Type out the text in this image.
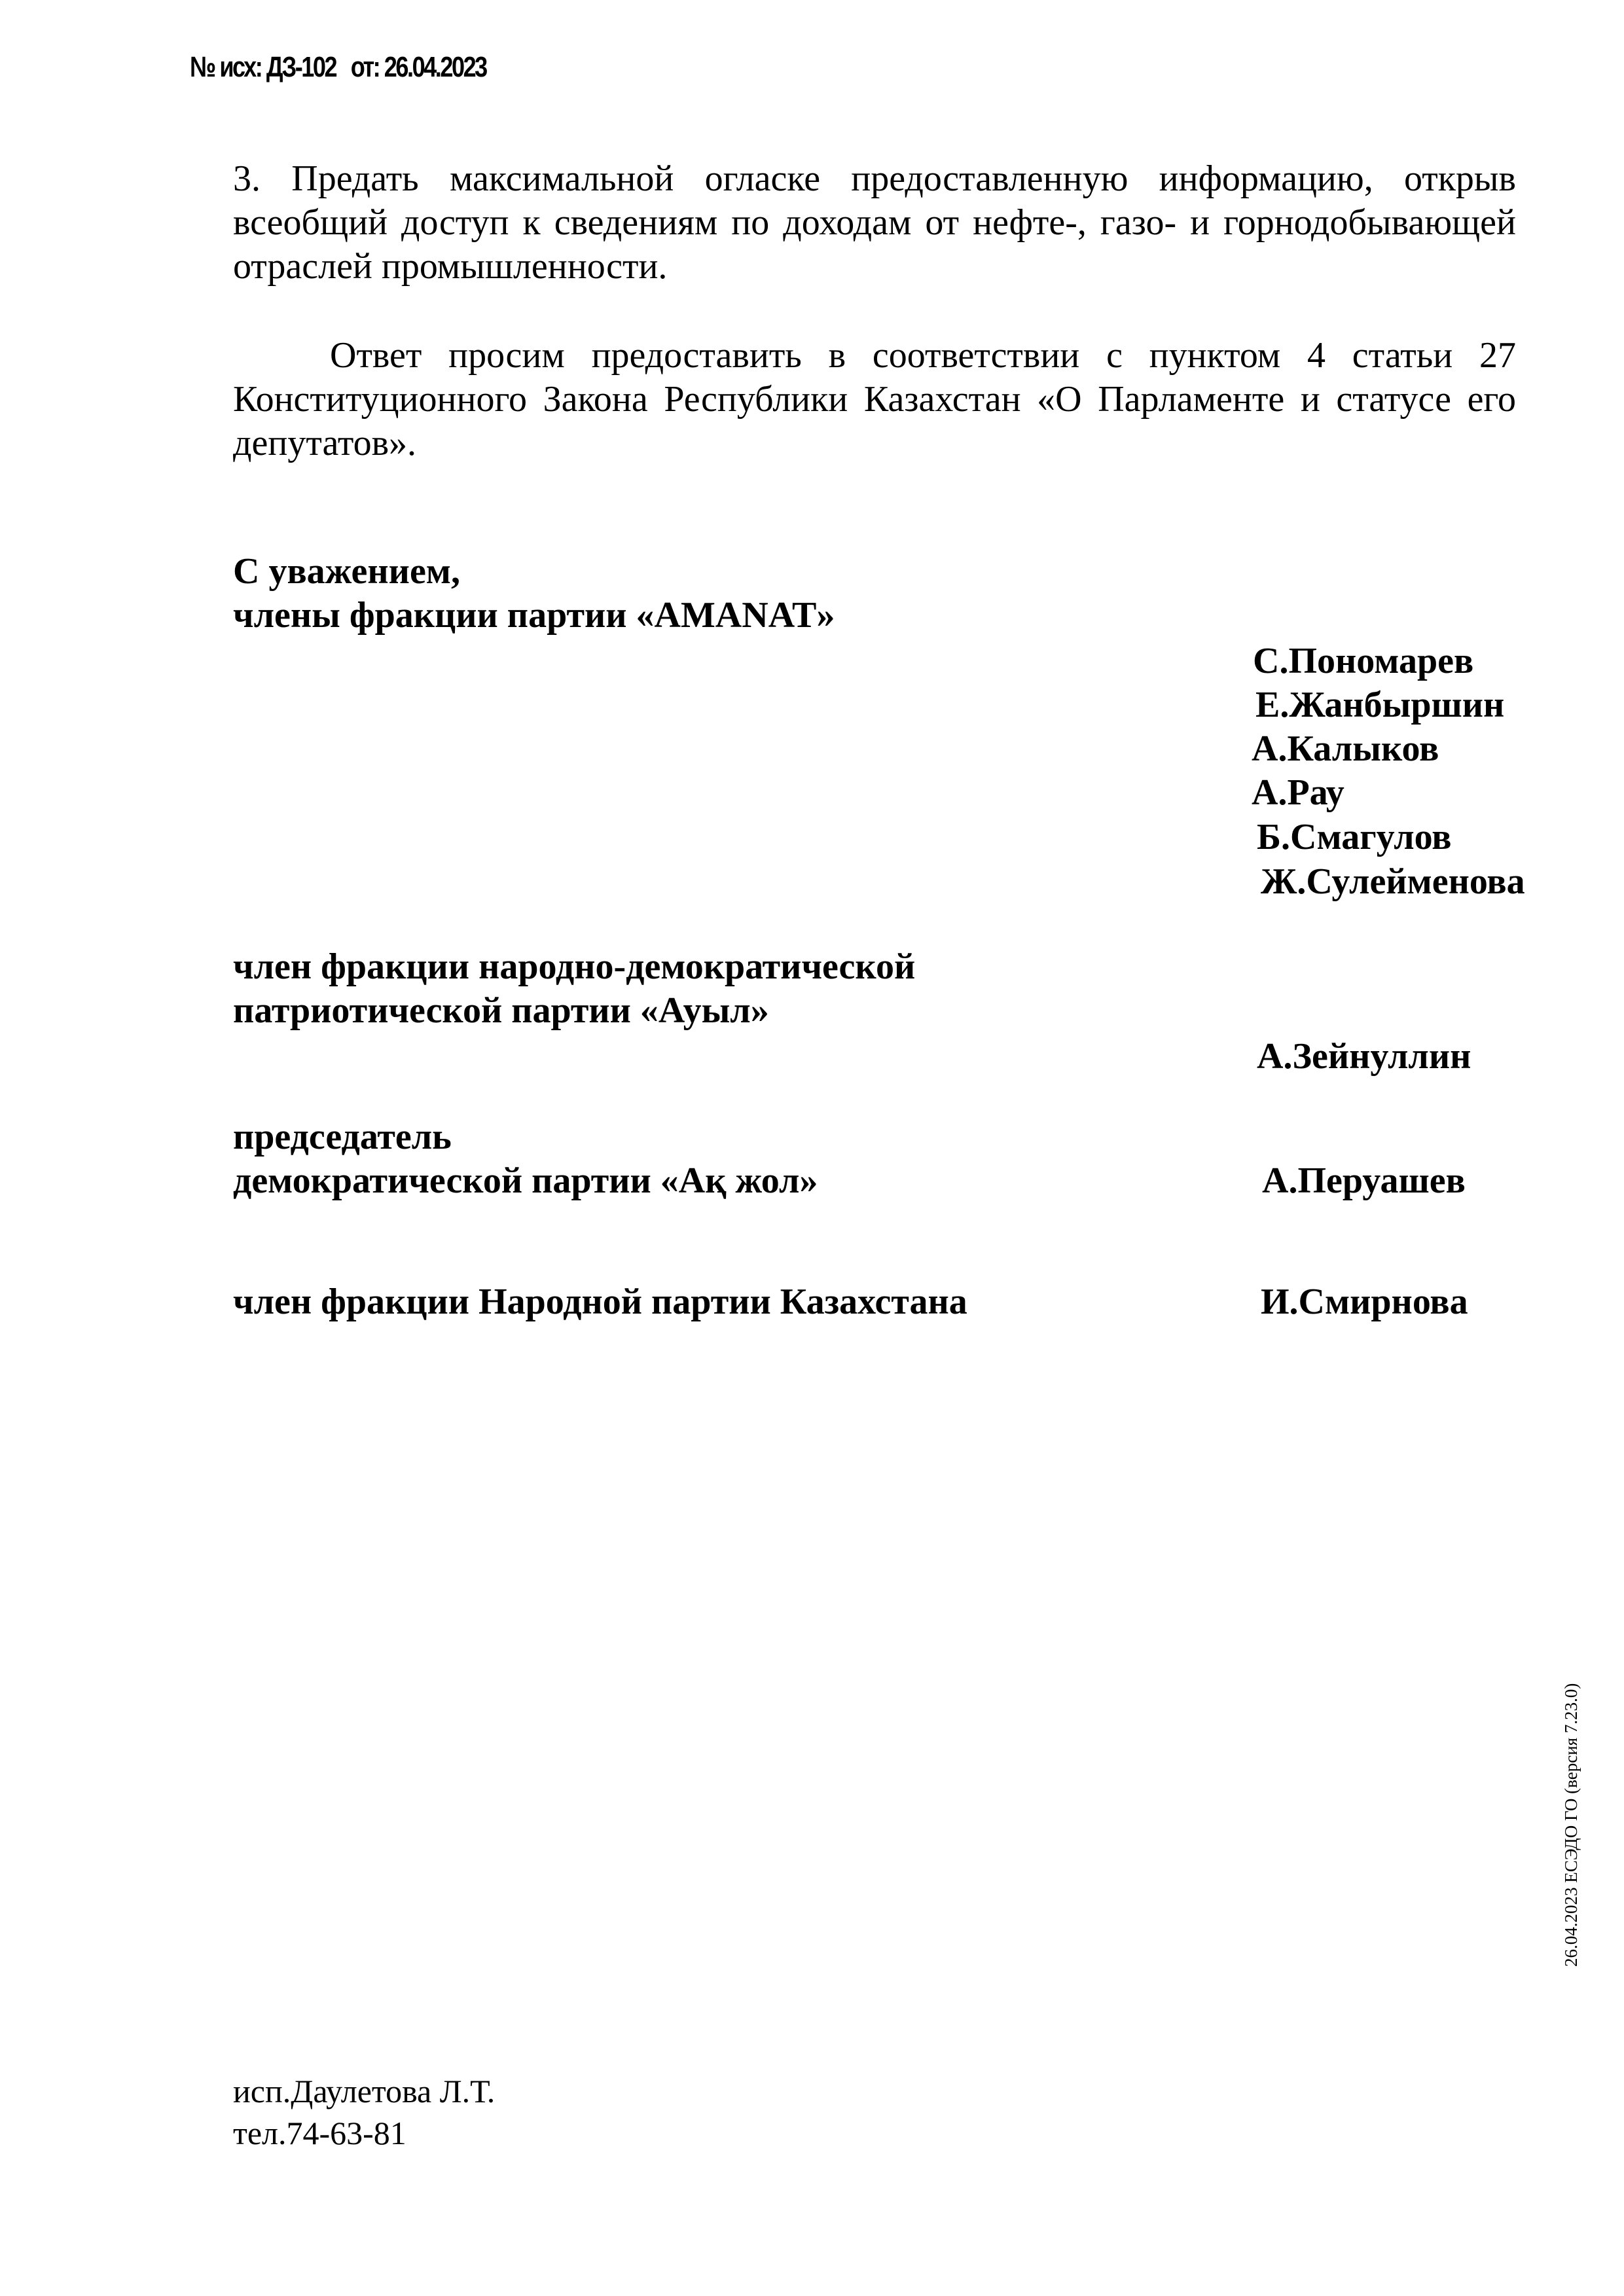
№ исх: ДЗ-102   от: 26.04.2023
3. Предать максимальной огласке предоставленную информацию, открыв всеобщий доступ к сведениям по доходам от нефте-, газо- и горнодобывающей отраслей промышленности.
Ответ просим предоставить в соответствии с пунктом 4 статьи 27 Конституционного Закона Республики Казахстан «О Парламенте и статусе его депутатов».
С уважением,
члены фракции партии «AMANAT»
С.Пономарев
Е.Жанбыршин
А.Калыков
А.Рау
Б.Смагулов
Ж.Сулейменова
член фракции народно-демократической
патриотической партии «Ауыл»
А.Зейнуллин
председатель
демократической партии «Ақ жол»	А.Перуашев
член фракции Народной партии Казахстана	И.Смирнова
исп.Даулетова Л.Т.
тел.74-63-81
26.04.2023 ЕСЭДО ГО (версия 7.23.0)
